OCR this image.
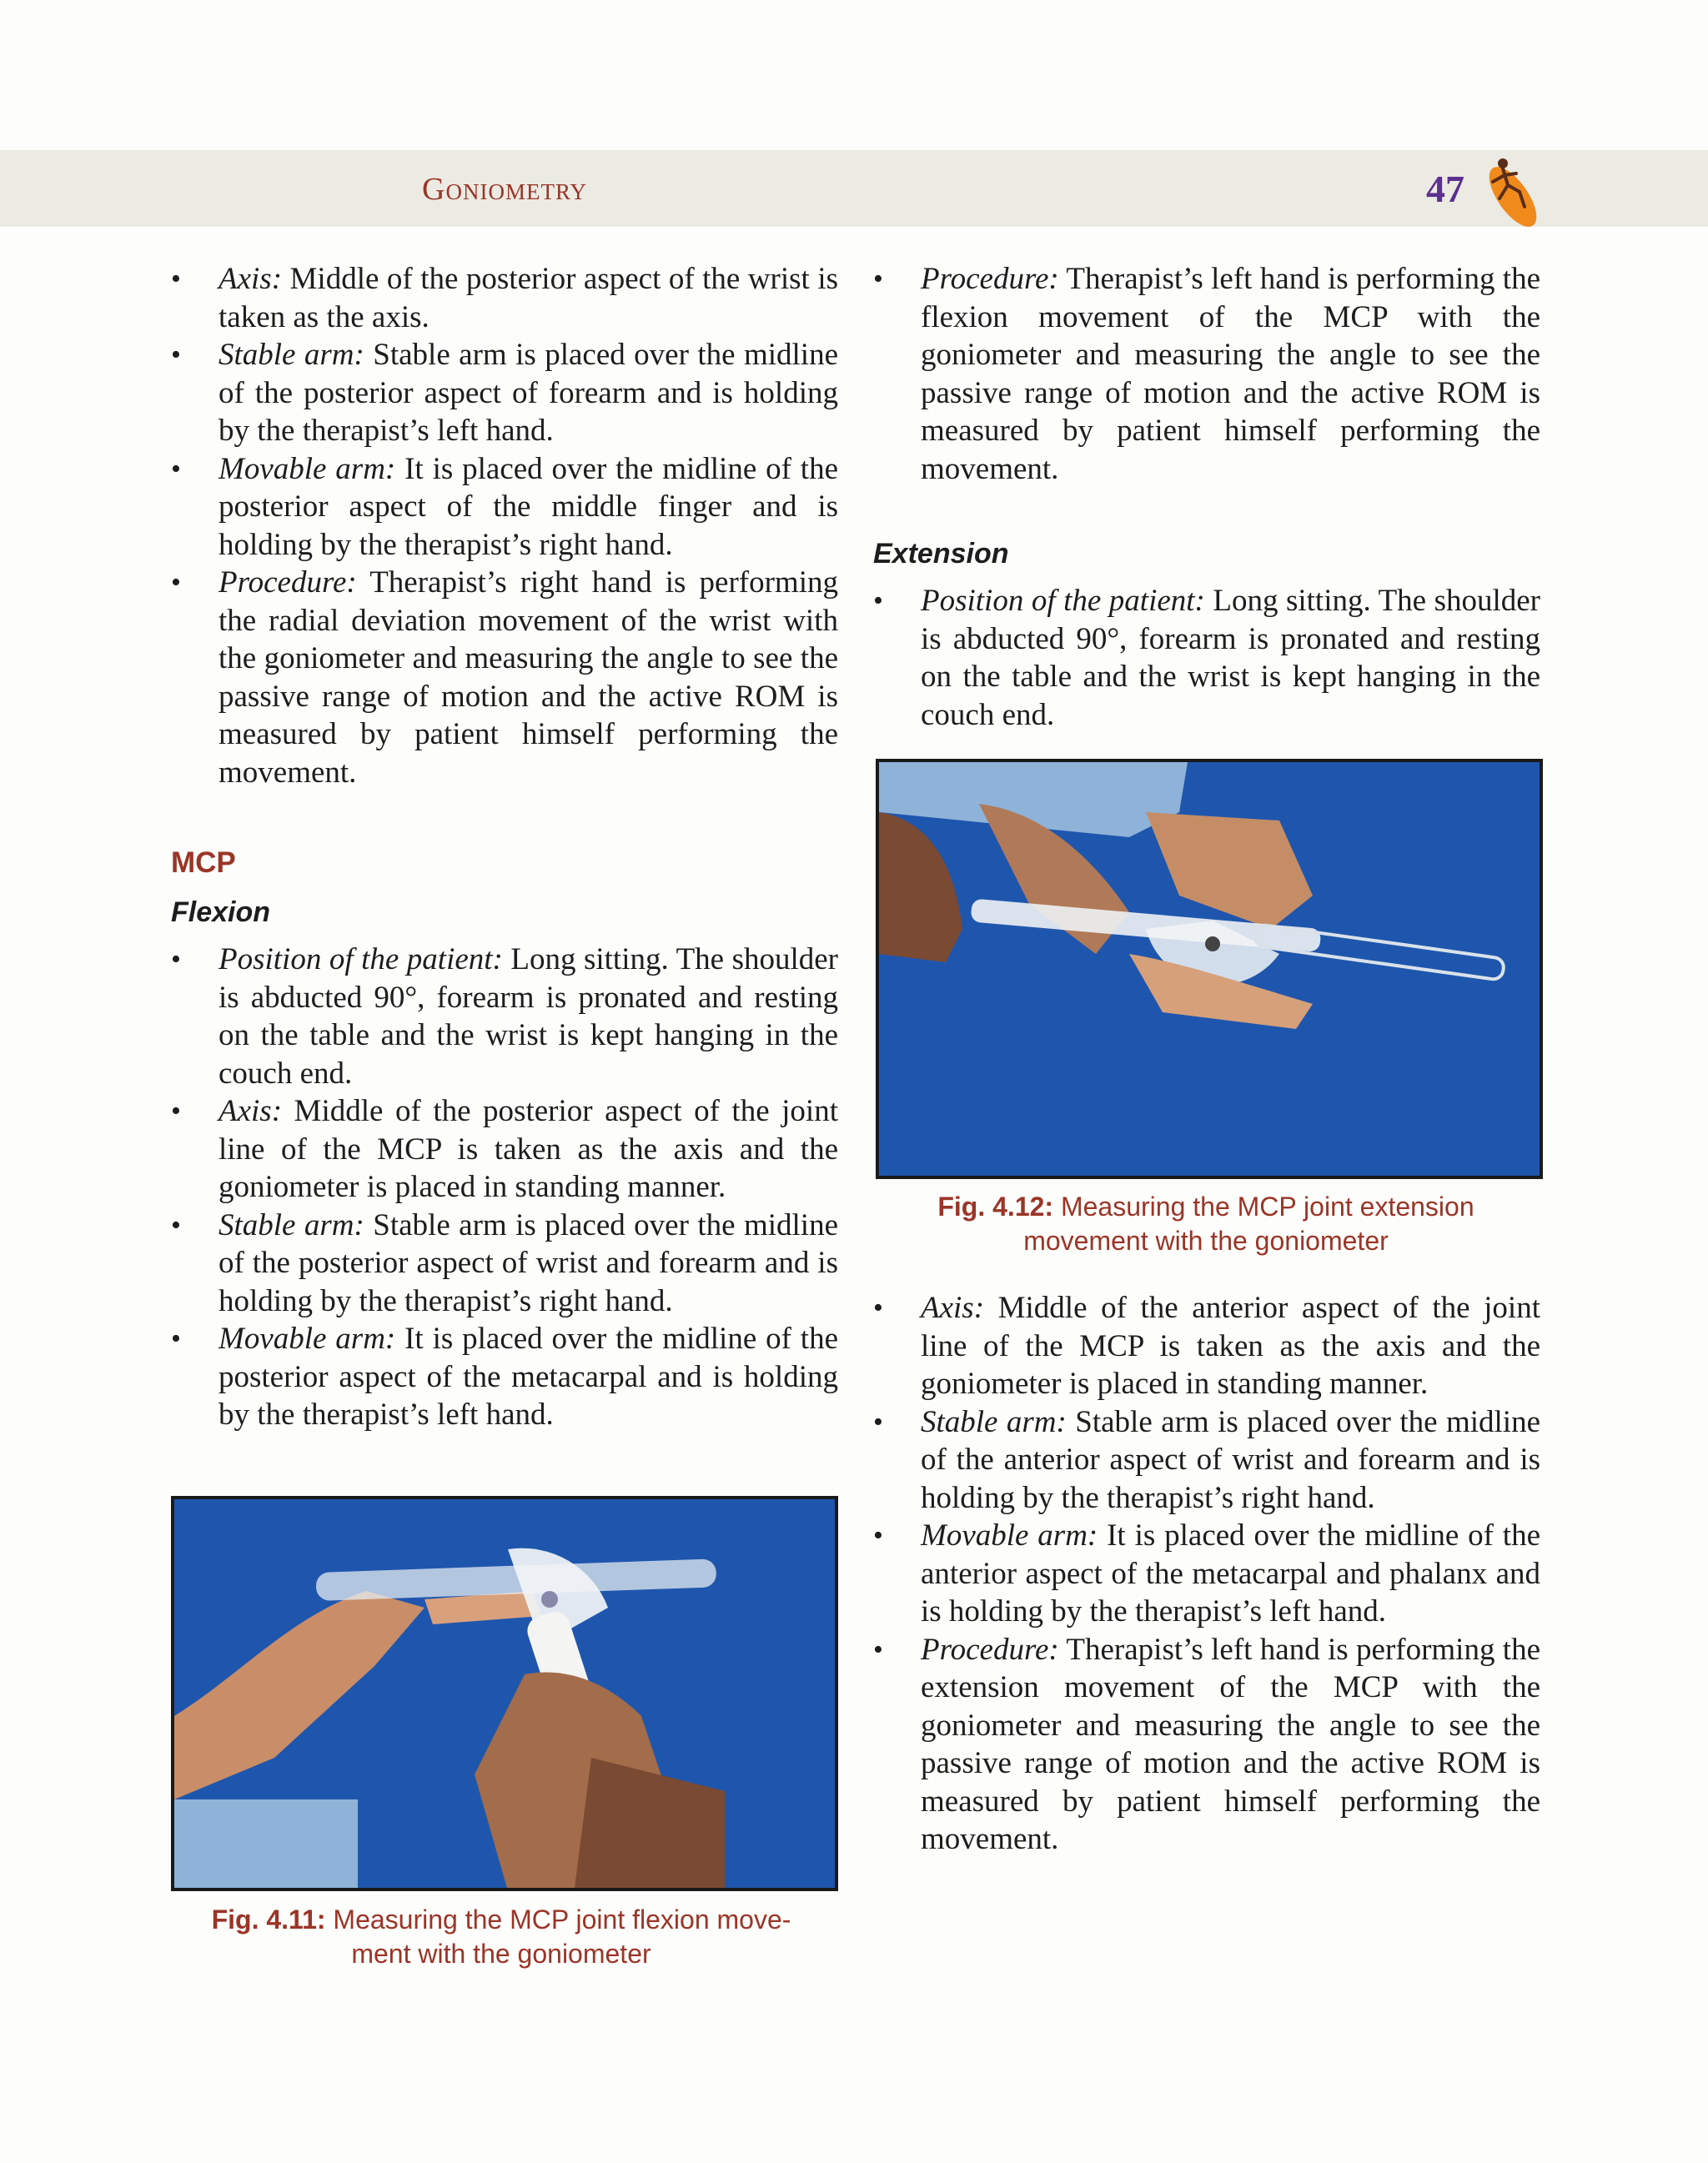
Goniometry	47
• Axis: Middle of the posterior aspect of the wrist is taken as the axis.
• Stable arm: Stable arm is placed over the midline of the posterior aspect of forearm and is holding by the therapist’s left hand.
• Movable arm: It is placed over the midline of the posterior aspect of the middle finger and is holding by the therapist’s right hand.
• Procedure: Therapist’s right hand is performing the radial deviation movement of the wrist with the goniometer and measuring the angle to see the passive range of motion and the active ROM is measured by patient himself performing the movement.
MCP
Flexion
• Position of the patient: Long sitting. The shoulder is abducted 90°, forearm is pronated and resting on the table and the wrist is kept hanging in the couch end.
• Axis: Middle of the posterior aspect of the joint line of the MCP is taken as the axis and the goniometer is placed in standing manner.
• Stable arm: Stable arm is placed over the midline of the posterior aspect of wrist and forearm and is holding by the therapist’s right hand.
• Movable arm: It is placed over the midline of the posterior aspect of the metacarpal and is holding by the therapist’s left hand.
Fig. 4.11: Measuring the MCP joint flexion move-
ment with the goniometer
• Procedure: Therapist’s left hand is performing the flexion movement of the MCP with the goniometer and measuring the angle to see the passive range of motion and the active ROM is measured by patient himself performing the movement.
Extension
• Position of the patient: Long sitting. The shoulder is abducted 90°, forearm is pronated and resting on the table and the wrist is kept hanging in the couch end.
Fig. 4.12: Measuring the MCP joint extension
movement with the goniometer
• Axis: Middle of the anterior aspect of the joint line of the MCP is taken as the axis and the goniometer is placed in standing manner.
• Stable arm: Stable arm is placed over the midline of the anterior aspect of wrist and forearm and is holding by the therapist’s right hand.
• Movable arm: It is placed over the midline of the anterior aspect of the metacarpal and phalanx and is holding by the therapist’s left hand.
• Procedure: Therapist’s left hand is performing the extension movement of the MCP with the goniometer and measuring the angle to see the passive range of motion and the active ROM is measured by patient himself performing the movement.
